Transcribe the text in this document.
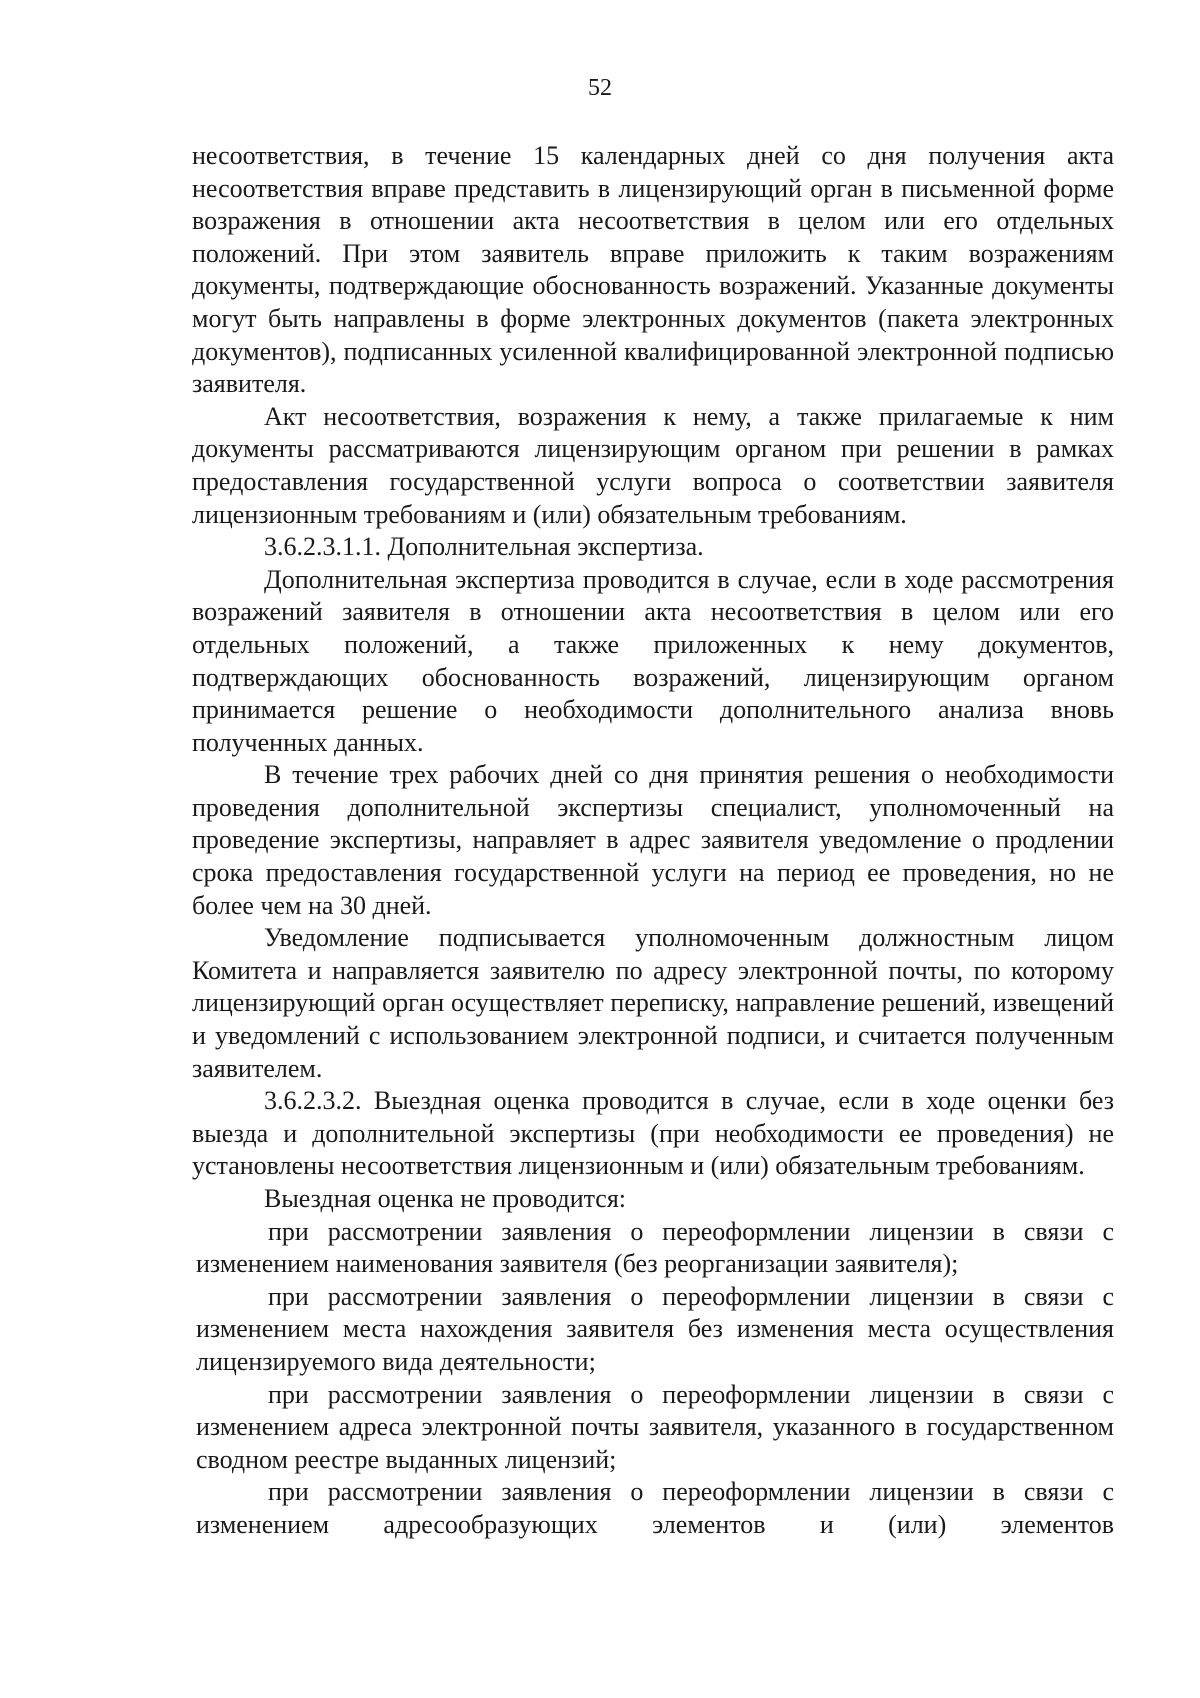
52

несоответствия, в течение 15 календарных дней со дня получения акта несоответствия вправе представить в лицензирующий орган в письменной форме возражения в отношении акта несоответствия в целом или его отдельных положений. При этом заявитель вправе приложить к таким возражениям документы, подтверждающие обоснованность возражений. Указанные документы могут быть направлены в форме электронных документов (пакета электронных документов), подписанных усиленной квалифицированной электронной подписью заявителя.

Акт несоответствия, возражения к нему, а также прилагаемые к ним документы рассматриваются лицензирующим органом при решении в рамках предоставления государственной услуги вопроса о соответствии заявителя лицензионным требованиям и (или) обязательным требованиям.

3.6.2.3.1.1. Дополнительная экспертиза.

Дополнительная экспертиза проводится в случае, если в ходе рассмотрения возражений заявителя в отношении акта несоответствия в целом или его отдельных положений, а также приложенных к нему документов, подтверждающих обоснованность возражений, лицензирующим органом принимается решение о необходимости дополнительного анализа вновь полученных данных.

В течение трех рабочих дней со дня принятия решения о необходимости проведения дополнительной экспертизы специалист, уполномоченный на проведение экспертизы, направляет в адрес заявителя уведомление о продлении срока предоставления государственной услуги на период ее проведения, но не более чем на 30 дней.

Уведомление подписывается уполномоченным должностным лицом Комитета и направляется заявителю по адресу электронной почты, по которому лицензирующий орган осуществляет переписку, направление решений, извещений и уведомлений с использованием электронной подписи, и считается полученным заявителем.

3.6.2.3.2. Выездная оценка проводится в случае, если в ходе оценки без выезда и дополнительной экспертизы (при необходимости ее проведения) не установлены несоответствия лицензионным и (или) обязательным требованиям.

Выездная оценка не проводится:

при рассмотрении заявления о переоформлении лицензии в связи с изменением наименования заявителя (без реорганизации заявителя);

при рассмотрении заявления о переоформлении лицензии в связи с изменением места нахождения заявителя без изменения места осуществления лицензируемого вида деятельности;

при рассмотрении заявления о переоформлении лицензии в связи с изменением адреса электронной почты заявителя, указанного в государственном сводном реестре выданных лицензий;

при рассмотрении заявления о переоформлении лицензии в связи с изменением адресообразующих элементов и (или) элементов
